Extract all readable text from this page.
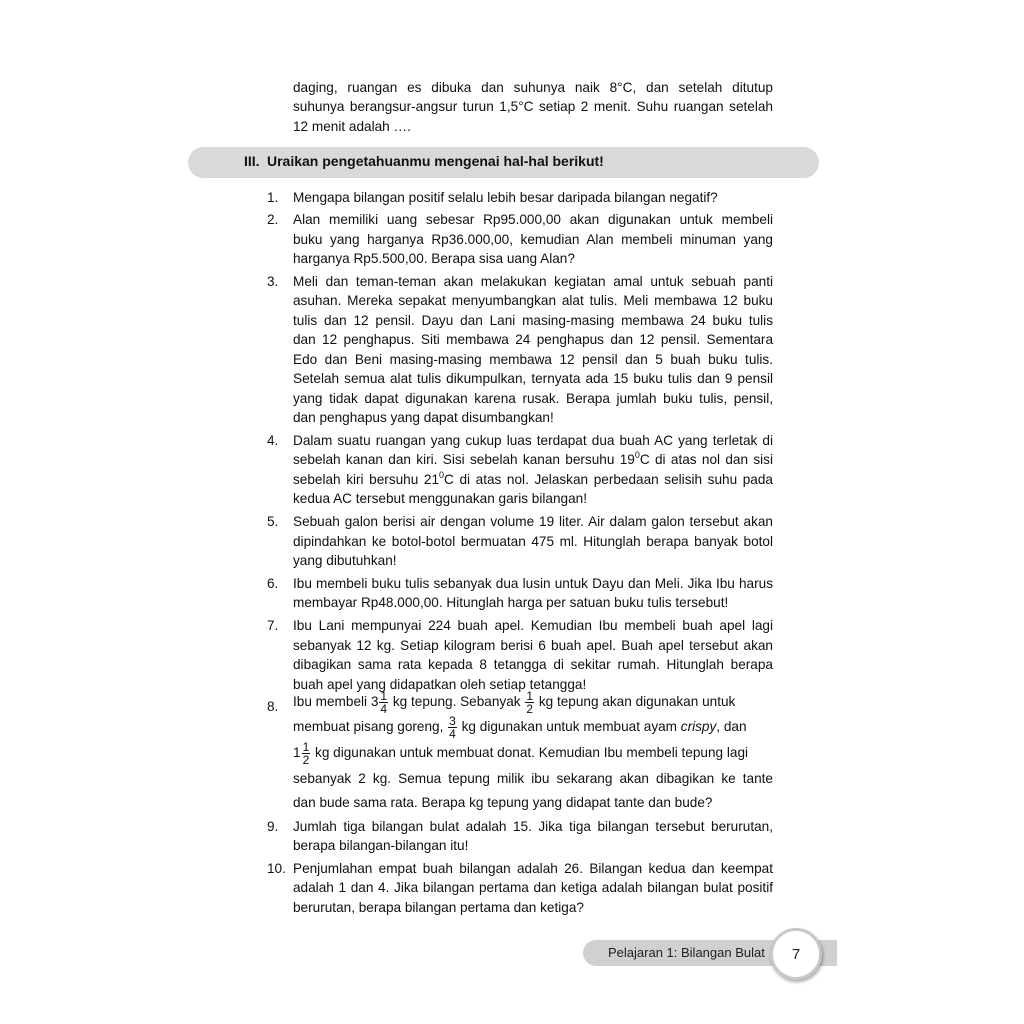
daging, ruangan es dibuka dan suhunya naik 8°C, dan setelah ditutup
suhunya berangsur-angsur turun 1,5°C setiap 2 menit. Suhu ruangan setelah
12 menit adalah ….
III. Uraikan pengetahuanmu mengenai hal-hal berikut!
1. Mengapa bilangan positif selalu lebih besar daripada bilangan negatif?
2. Alan memiliki uang sebesar Rp95.000,00 akan digunakan untuk membeli
buku yang harganya Rp36.000,00, kemudian Alan membeli minuman yang
harganya Rp5.500,00. Berapa sisa uang Alan?
3. Meli dan teman-teman akan melakukan kegiatan amal untuk sebuah panti
asuhan. Mereka sepakat menyumbangkan alat tulis. Meli membawa 12 buku
tulis dan 12 pensil. Dayu dan Lani masing-masing membawa 24 buku tulis
dan 12 penghapus. Siti membawa 24 penghapus dan 12 pensil. Sementara
Edo dan Beni masing-masing membawa 12 pensil dan 5 buah buku tulis.
Setelah semua alat tulis dikumpulkan, ternyata ada 15 buku tulis dan 9 pensil
yang tidak dapat digunakan karena rusak. Berapa jumlah buku tulis, pensil,
dan penghapus yang dapat disumbangkan!
4. Dalam suatu ruangan yang cukup luas terdapat dua buah AC yang terletak di
sebelah kanan dan kiri. Sisi sebelah kanan bersuhu $19^0C$ di atas nol dan sisi
sebelah kiri bersuhu $21^0C$ di atas nol. Jelaskan perbedaan selisih suhu pada
kedua AC tersebut menggunakan garis bilangan!
5. Sebuah galon berisi air dengan volume 19 liter. Air dalam galon tersebut akan
dipindahkan ke botol-botol bermuatan 475 ml. Hitunglah berapa banyak botol
yang dibutuhkan!
6. Ibu membeli buku tulis sebanyak dua lusin untuk Dayu dan Meli. Jika Ibu harus
membayar Rp48.000,00. Hitunglah harga per satuan buku tulis tersebut!
7. Ibu Lani mempunyai 224 buah apel. Kemudian Ibu membeli buah apel lagi
sebanyak 12 kg. Setiap kilogram berisi 6 buah apel. Buah apel tersebut akan
dibagikan sama rata kepada 8 tetangga di sekitar rumah. Hitunglah berapa
buah apel yang didapatkan oleh setiap tetangga!
8. Ibu membeli $3 \frac{1}{4}$ kg tepung. Sebanyak $\frac{1}{2}$ kg tepung akan digunakan untuk
membuat pisang goreng, $\frac{3}{4}$ kg digunakan untuk membuat ayam crispy, dan
$1 \frac{1}{2}$ kg digunakan untuk membuat donat. Kemudian Ibu membeli tepung lagi
sebanyak 2 kg. Semua tepung milik ibu sekarang akan dibagikan ke tante
dan bude sama rata. Berapa kg tepung yang didapat tante dan bude?
9. Jumlah tiga bilangan bulat adalah 15. Jika tiga bilangan tersebut berurutan,
berapa bilangan-bilangan itu!
10. Penjumlahan empat buah bilangan adalah 26. Bilangan kedua dan keempat
adalah 1 dan 4. Jika bilangan pertama dan ketiga adalah bilangan bulat positif
berurutan, berapa bilangan pertama dan ketiga?
Pelajaran 1: Bilangan Bulat	7
